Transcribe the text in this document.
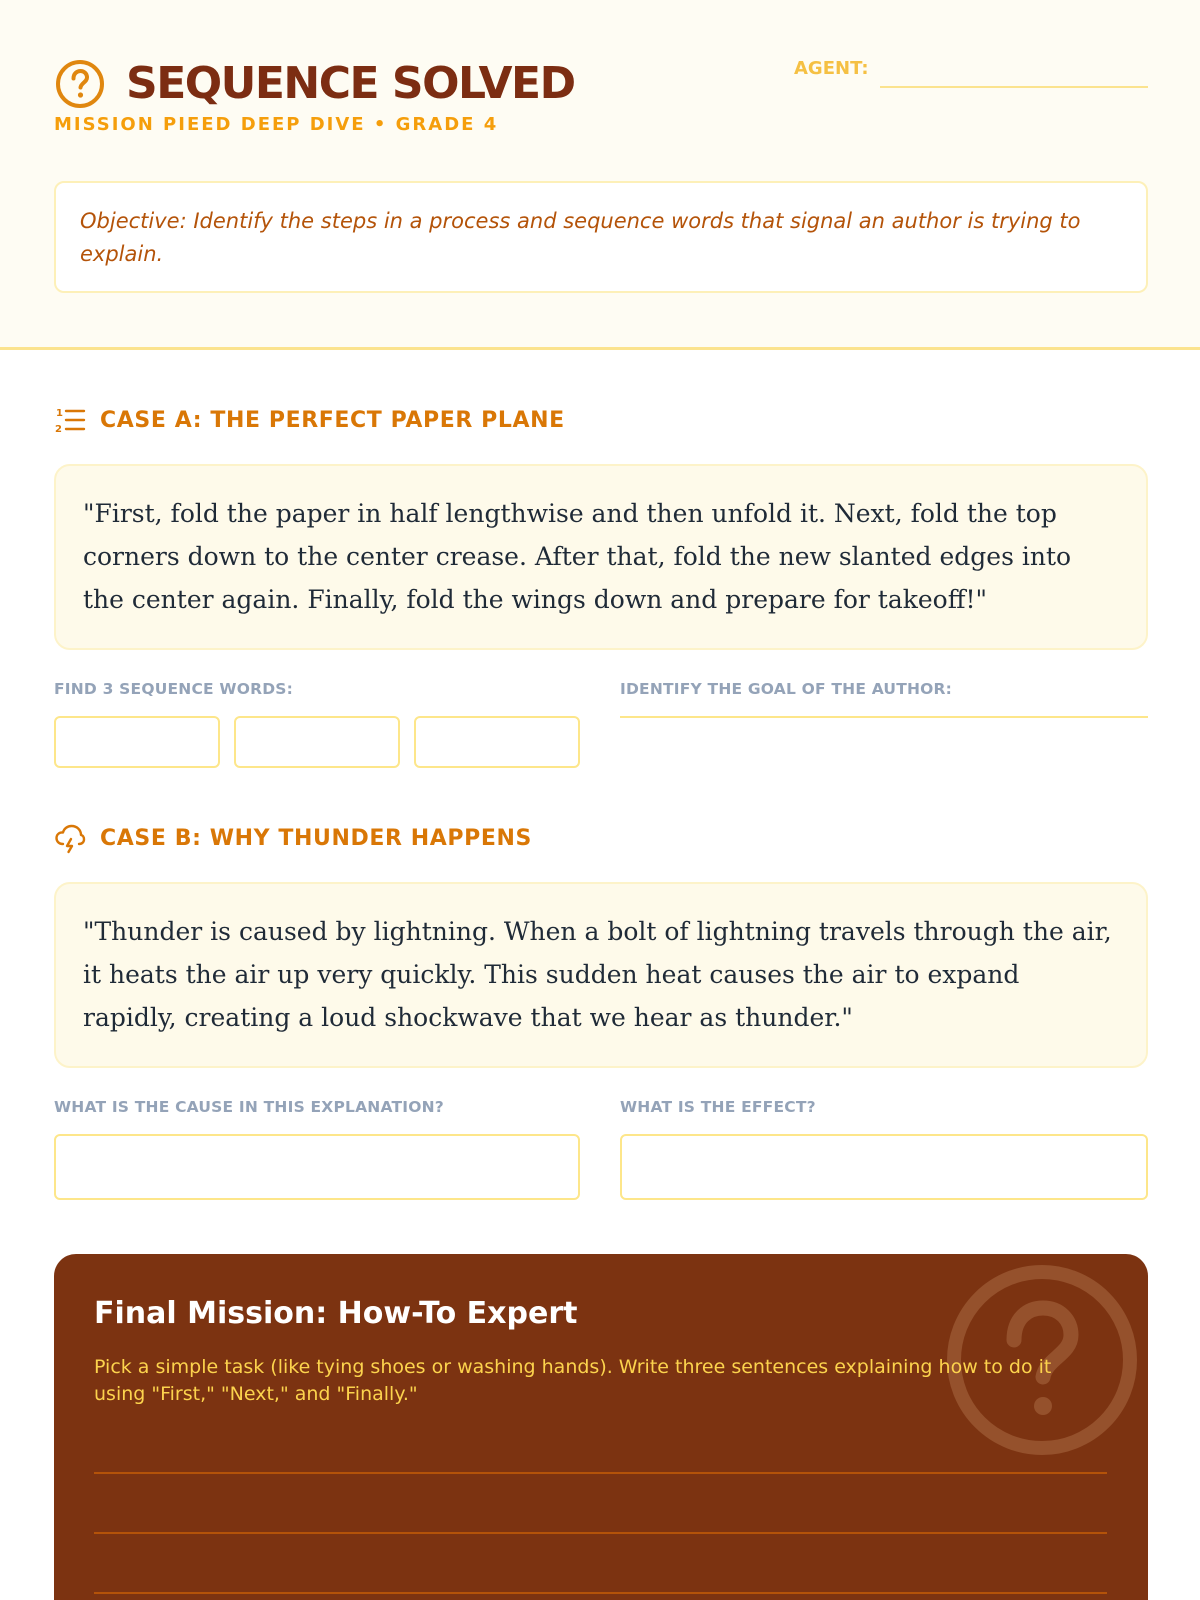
SEQUENCE SOLVED
MISSION PIEED DEEP DIVE • GRADE 4
AGENT:
Objective: Identify the steps in a process and sequence words that signal an author is trying to explain.
1
2 CASE A: THE PERFECT PAPER PLANE
"First, fold the paper in half lengthwise and then unfold it. Next, fold the top corners down to the center crease. After that, fold the new slanted edges into the center again. Finally, fold the wings down and prepare for takeoff!"
FIND 3 SEQUENCE WORDS:	IDENTIFY THE GOAL OF THE AUTHOR:
CASE B: WHY THUNDER HAPPENS
"Thunder is caused by lightning. When a bolt of lightning travels through the air, it heats the air up very quickly. This sudden heat causes the air to expand rapidly, creating a loud shockwave that we hear as thunder."
WHAT IS THE CAUSE IN THIS EXPLANATION?	WHAT IS THE EFFECT?
Final Mission: How-To Expert
Pick a simple task (like tying shoes or washing hands). Write three sentences explaining how to do it using "First," "Next," and "Finally."
